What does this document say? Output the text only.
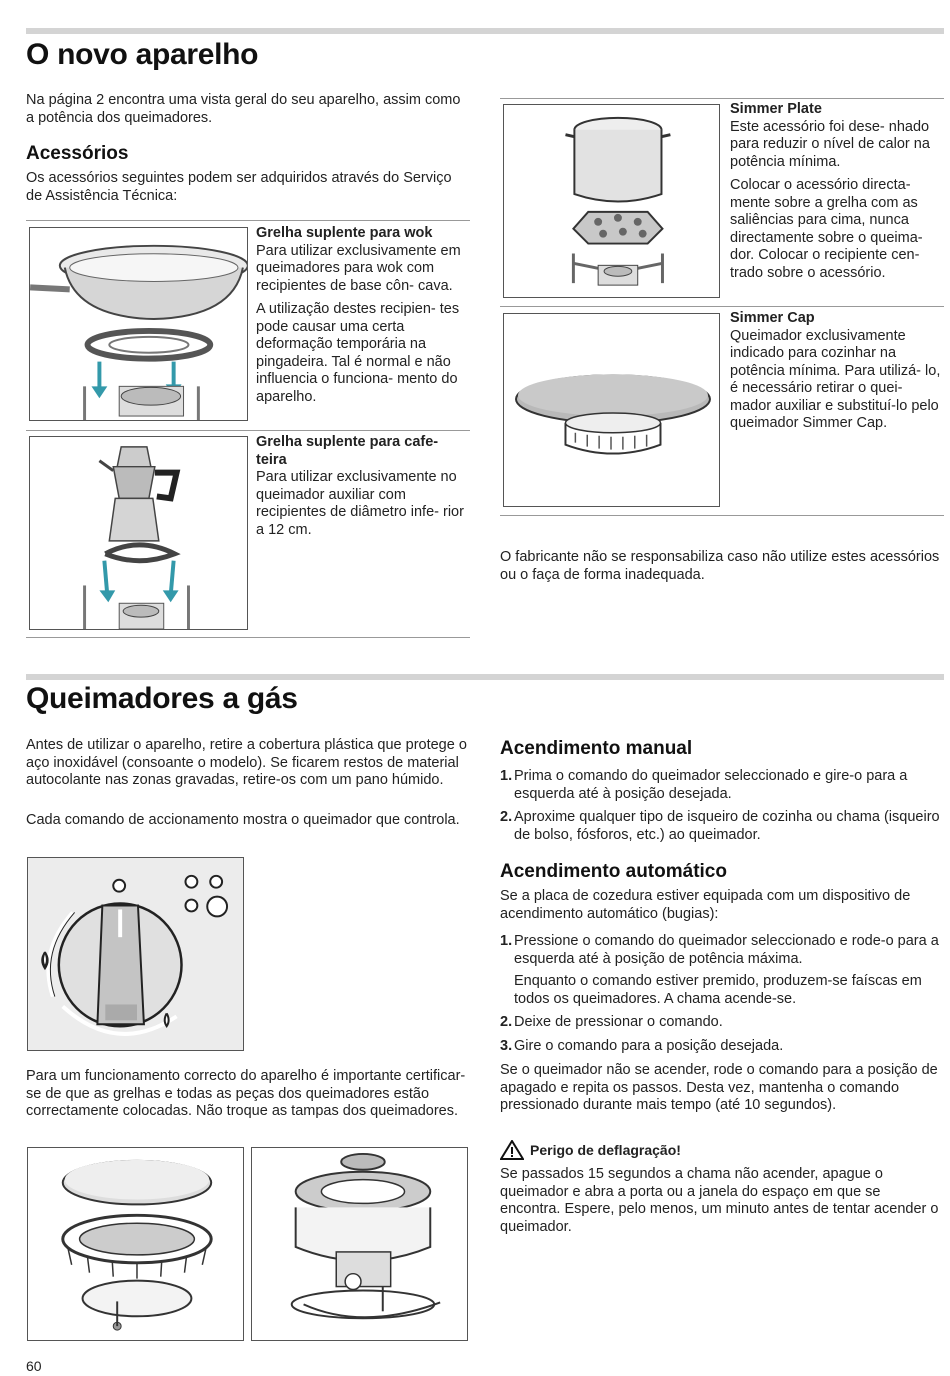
O novo aparelho

Na página 2 encontra uma vista geral do seu aparelho, assim como a potência dos queimadores.

Acessórios

Os acessórios seguintes podem ser adquiridos através do Serviço de Assistência Técnica:

Grelha suplente para wok
Para utilizar exclusivamente em queimadores para wok com recipientes de base côn- cava.
A utilização destes recipien- tes pode causar uma certa deformação temporária na pingadeira. Tal é normal e não influencia o funciona- mento do aparelho.
Grelha suplente para cafe- teira
Para utilizar exclusivamente no queimador auxiliar com recipientes de diâmetro infe- rior a 12 cm.
Simmer Plate
Este acessório foi dese- nhado para reduzir o nível de calor na potência mínima.
Colocar o acessório directa- mente sobre a grelha com as saliências para cima, nunca directamente sobre o queima- dor. Colocar o recipiente cen- trado sobre o acessório.
Simmer Cap
Queimador exclusivamente indicado para cozinhar na potência mínima. Para utilizá- lo, é necessário retirar o quei- mador auxiliar e substituí-lo pelo queimador Simmer Cap.

O fabricante não se responsabiliza caso não utilize estes acessórios ou o faça de forma inadequada.

Queimadores a gás

Antes de utilizar o aparelho, retire a cobertura plástica que protege o aço inoxidável (consoante o modelo). Se ficarem restos de material autocolante nas zonas gravadas, retire-os com um pano húmido.

Cada comando de accionamento mostra o queimador que controla.

Para um funcionamento correcto do aparelho é importante certificar-se de que as grelhas e todas as peças dos queimadores estão correctamente colocadas. Não troque as tampas dos queimadores.

Acendimento manual
1. Prima o comando do queimador seleccionado e gire-o para a esquerda até à posição desejada.
2. Aproxime qualquer tipo de isqueiro de cozinha ou chama (isqueiro de bolso, fósforos, etc.) ao queimador.
Acendimento automático

Se a placa de cozedura estiver equipada com um dispositivo de acendimento automático (bugias):

1. Pressione o comando do queimador seleccionado e rode-o para a esquerda até à posição de potência máxima.
Enquanto o comando estiver premido, produzem-se faíscas em todos os queimadores. A chama acende-se.
2. Deixe de pressionar o comando.
3. Gire o comando para a posição desejada.

Se o queimador não se acender, rode o comando para a posição de apagado e repita os passos. Desta vez, mantenha o comando pressionado durante mais tempo (até 10 segundos).

Perigo de deflagração!

Se passados 15 segundos a chama não acender, apague o queimador e abra a porta ou a janela do espaço em que se encontra. Espere, pelo menos, um minuto antes de tentar acender o queimador.

60
